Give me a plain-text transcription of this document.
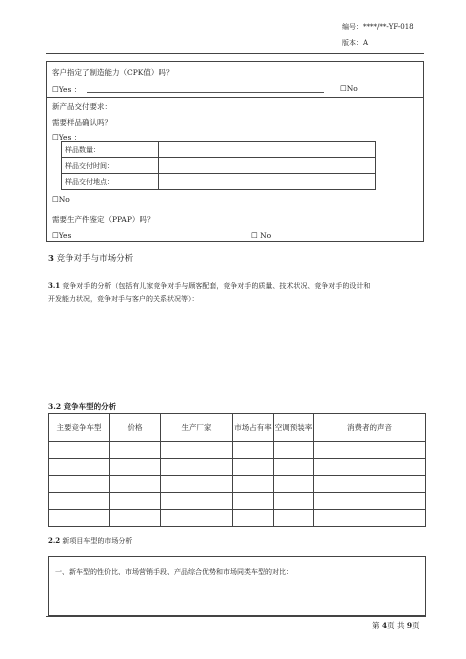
编号：****/**-YF-018
版本：A
客户指定了制造能力（CPK值）吗？
☐Yes ：	☐No
新产品交付要求：
需要样品确认吗？
☐Yes ：
样品数量：	
样品交付时间：	
样品交付地点：	
☐No
需要生产件鉴定（PPAP）吗？
☐Yes	☐ No
3 竞争对手与市场分析
3.1 竞争对手的分析（包括有儿家竞争对手与顾客配套，竞争对手的质量、技术状况、竞争对手的设计和
开发能力状况，竞争对手与客户的关系状况等）：
3.2 竞争车型的分析
主要竞争车型	价格	生产厂家	市场占有率	空调预装率	消费者的声音

2.2 新项目车型的市场分析
一、新车型的性价比、市场营销手段、产品综合优势和市场同类车型的对比：
第 4页 共 9页
